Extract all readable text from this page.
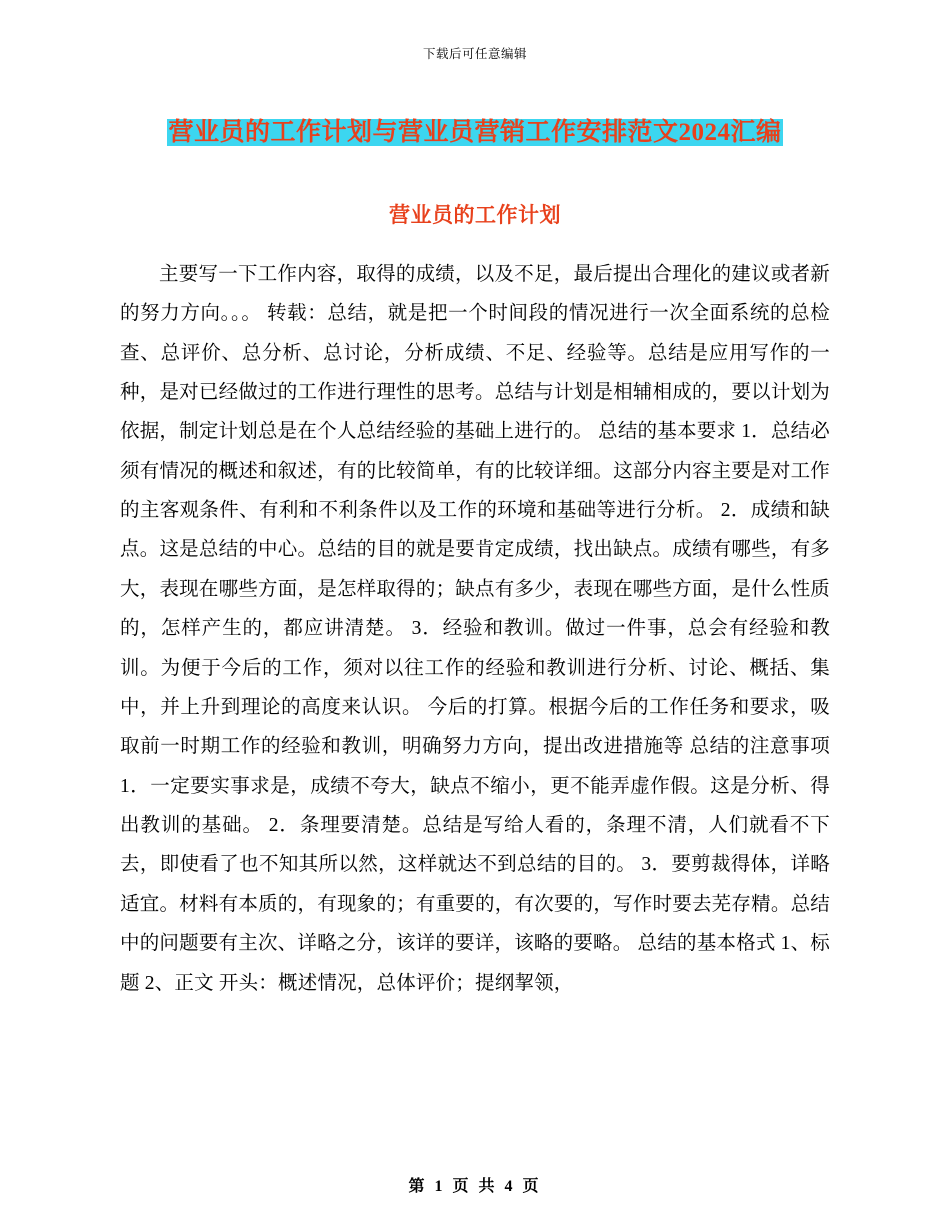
下载后可任意编辑
营业员的工作计划与营业员营销工作安排范文2024汇编
营业员的工作计划

主要写一下工作内容，取得的成绩，以及不足，最后提出合理化的建议或者新的努力方向。。。 转载：总结，就是把一个时间段的情况进行一次全面系统的总检查、总评价、总分析、总讨论，分析成绩、不足、经验等。总结是应用写作的一种，是对已经做过的工作进行理性的思考。总结与计划是相辅相成的，要以计划为依据，制定计划总是在个人总结经验的基础上进行的。 总结的基本要求 1．总结必须有情况的概述和叙述，有的比较简单，有的比较详细。这部分内容主要是对工作的主客观条件、有利和不利条件以及工作的环境和基础等进行分析。 2．成绩和缺点。这是总结的中心。总结的目的就是要肯定成绩，找出缺点。成绩有哪些，有多大，表现在哪些方面，是怎样取得的；缺点有多少，表现在哪些方面，是什么性质的，怎样产生的，都应讲清楚。 3．经验和教训。做过一件事，总会有经验和教训。为便于今后的工作，须对以往工作的经验和教训进行分析、讨论、概括、集中，并上升到理论的高度来认识。 今后的打算。根据今后的工作任务和要求，吸取前一时期工作的经验和教训，明确努力方向，提出改进措施等 总结的注意事项 1．一定要实事求是，成绩不夸大，缺点不缩小，更不能弄虚作假。这是分析、得出教训的基础。 2．条理要清楚。总结是写给人看的，条理不清，人们就看不下去，即使看了也不知其所以然，这样就达不到总结的目的。 3．要剪裁得体，详略适宜。材料有本质的，有现象的；有重要的，有次要的，写作时要去芜存精。总结中的问题要有主次、详略之分，该详的要详，该略的要略。 总结的基本格式 1、标题 2、正文 开头：概述情况，总体评价；提纲挈领，

第 1 页 共 4 页
